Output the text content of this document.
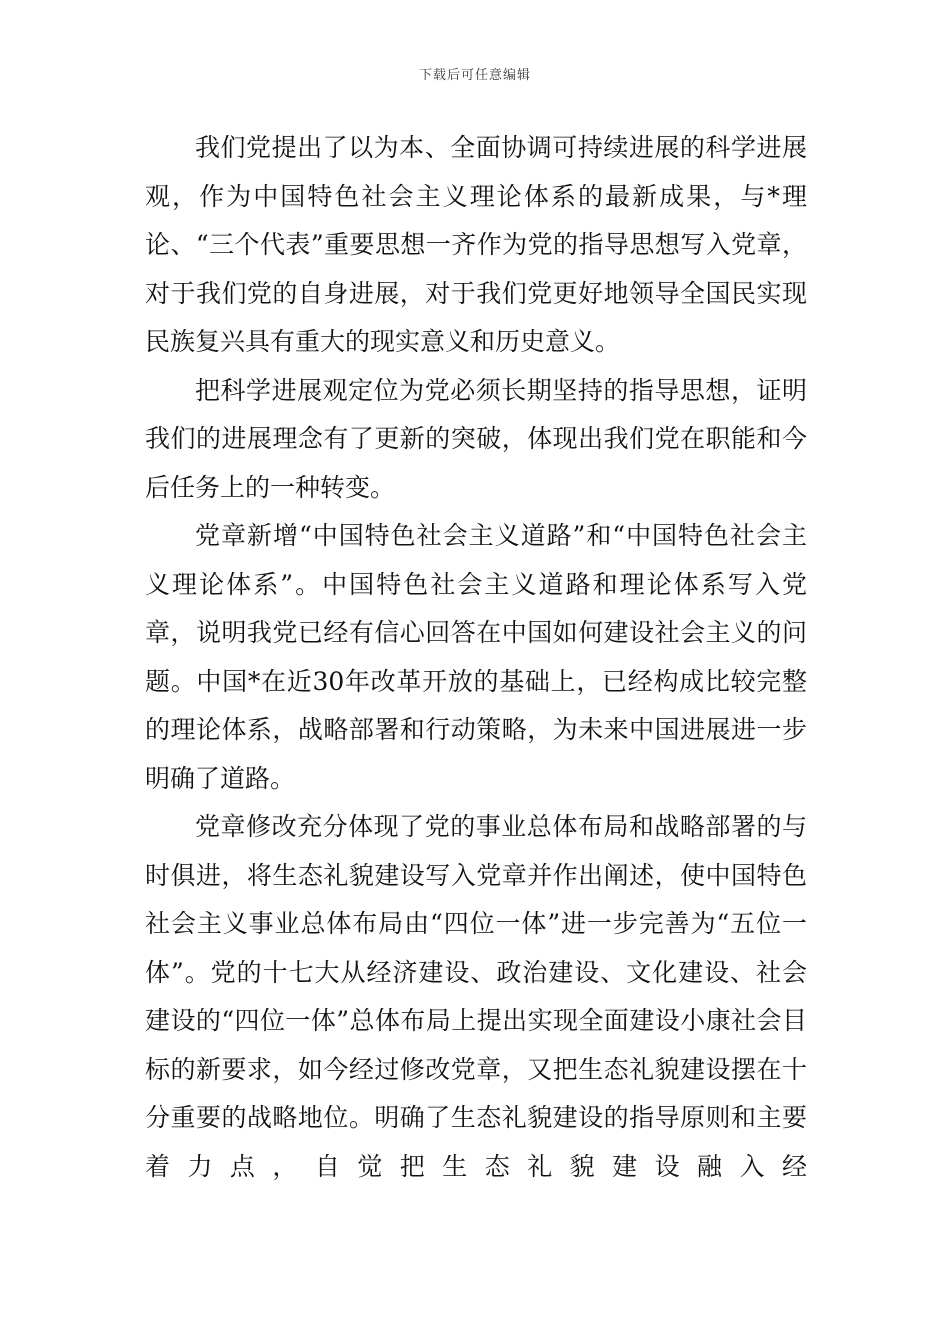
下载后可任意编辑

我们党提出了以为本、全面协调可持续进展的科学进展观，作为中国特色社会主义理论体系的最新成果，与*理论、“三个代表”重要思想一齐作为党的指导思想写入党章，对于我们党的自身进展，对于我们党更好地领导全国民实现民族复兴具有重大的现实意义和历史意义。

把科学进展观定位为党必须长期坚持的指导思想，证明我们的进展理念有了更新的突破，体现出我们党在职能和今后任务上的一种转变。

党章新增“中国特色社会主义道路”和“中国特色社会主义理论体系”。中国特色社会主义道路和理论体系写入党章，说明我党已经有信心回答在中国如何建设社会主义的问题。中国*在近30年改革开放的基础上，已经构成比较完整的理论体系，战略部署和行动策略，为未来中国进展进一步明确了道路。

党章修改充分体现了党的事业总体布局和战略部署的与时俱进，将生态礼貌建设写入党章并作出阐述，使中国特色社会主义事业总体布局由“四位一体”进一步完善为“五位一体”。党的十七大从经济建设、政治建设、文化建设、社会建设的“四位一体”总体布局上提出实现全面建设小康社会目标的新要求，如今经过修改党章，又把生态礼貌建设摆在十分重要的战略地位。明确了生态礼貌建设的指导原则和主要着力点，自觉把生态礼貌建设融入经
